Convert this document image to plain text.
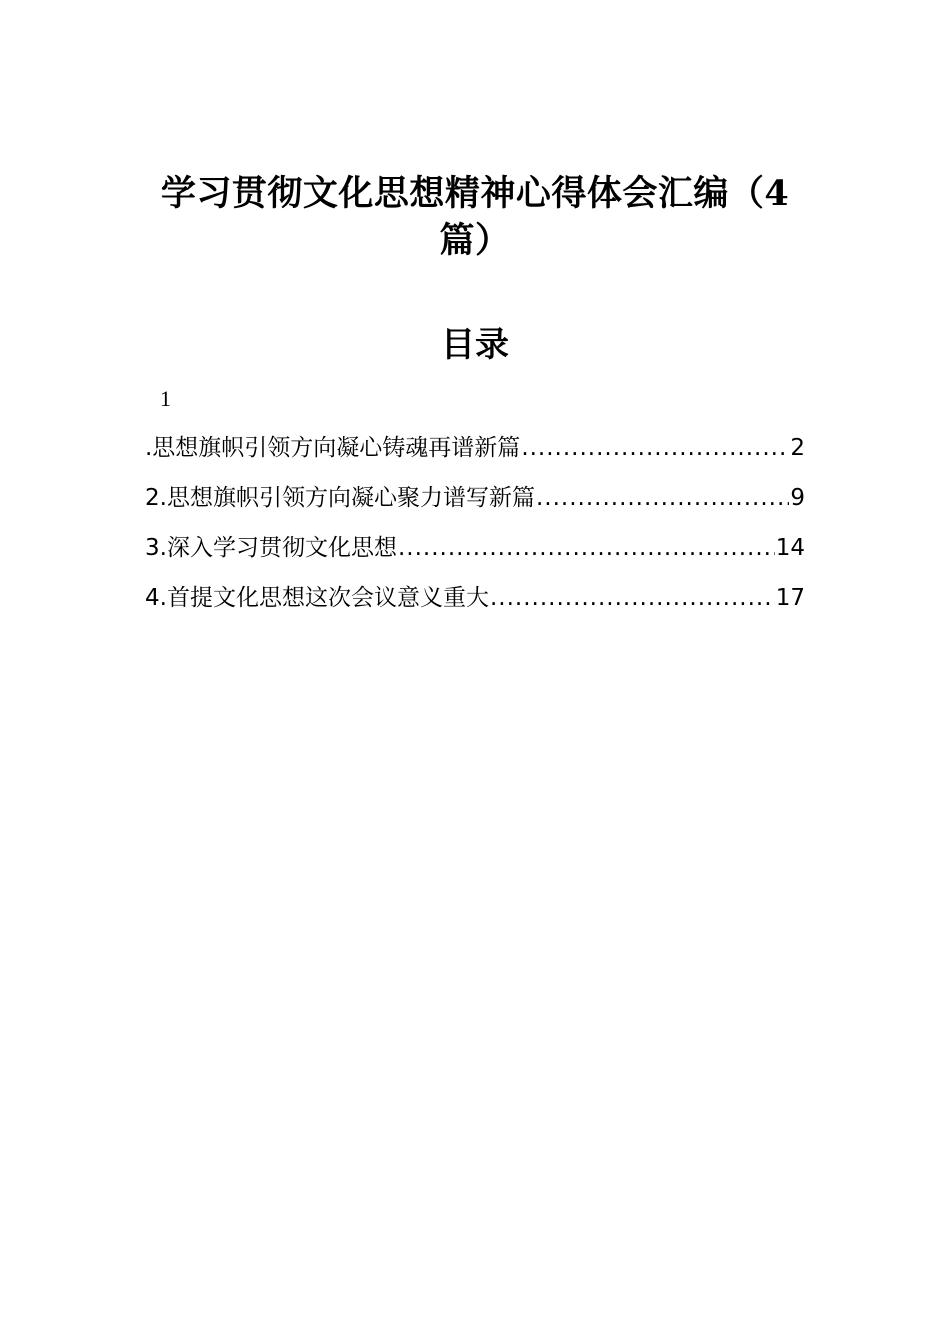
学习贯彻文化思想精神心得体会汇编（4
篇）
目录
1
.思想旗帜引领方向凝心铸魂再谱新篇 .....	2
2.思想旗帜引领方向凝心聚力谱写新篇 .....	9
3.深入学习贯彻文化思想 .....	14
4.首提文化思想这次会议意义重大 .....	17
